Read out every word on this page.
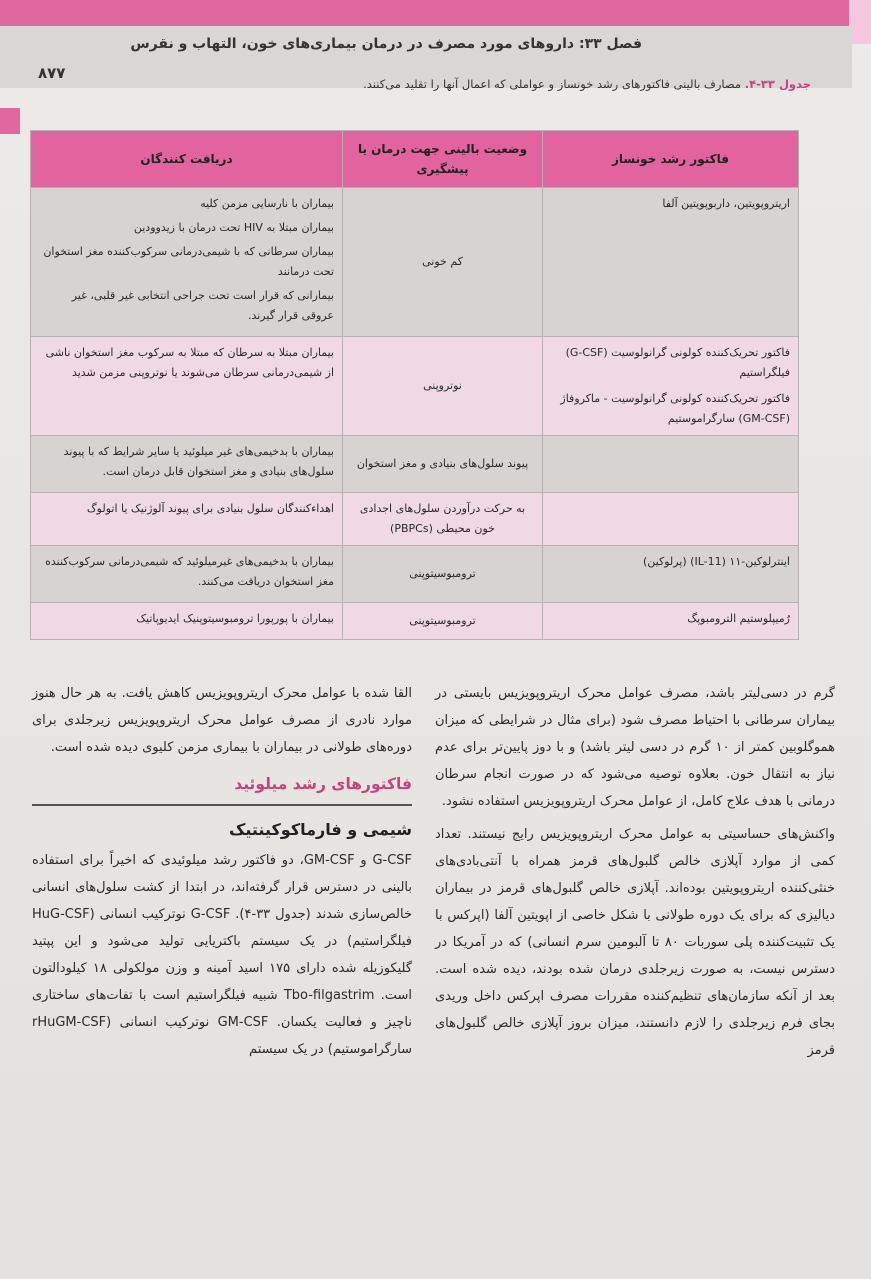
فصل ۳۳: داروهای مورد مصرف در درمان بیماری‌های خون، التهاب و نقرس
۸۷۷
جدول ۳۳-۴. مصارف بالینی فاکتورهای رشد خونساز و عواملی که اعمال آنها را تقلید می‌کنند.
فاکتور رشد خونساز	وضعیت بالینی جهت درمان یا پیشگیری	دریافت کنندگان

اریتروپویتین، داربوپویتین آلفا	کم خونی	بیماران با نارسایی مزمن کلیه
بیماران مبتلا به HIV تحت درمان با زیدوودین
بیماران سرطانی که با شیمی‌درمانی سرکوب‌کننده مغز استخوان تحت درمانند
بیمارانی که قرار است تحت جراحی انتخابی غیر قلبی، غیر عروقی قرار گیرند.

فاکتور تحریک‌کننده کولونی گرانولوسیت (G-CSF) فیلگراستیم
فاکتور تحریک‌کننده کولونی گرانولوسیت - ماکروفاژ (GM-CSF) سارگراموستیم	نوتروپنی	بیماران مبتلا به سرطان که مبتلا به سرکوب مغز استخوان ناشی از شیمی‌درمانی سرطان می‌شوند یا نوتروپنی مزمن شدید

	پیوند سلول‌های بنیادی و مغز استخوان	بیماران با بدخیمی‌های غیر میلوئید یا سایر شرایط که با پیوند سلول‌های بنیادی و مغز استخوان قابل درمان است.

	به حرکت درآوردن سلول‌های اجدادی خون محیطی (PBPCs)	اهداءکنندگان سلول بنیادی برای پیوند آلوژنیک یا اتولوگ

اینترلوکین-۱۱ (IL-11) (پرلوکین)	ترومبوسیتوپنی	بیماران با بدخیمی‌های غیرمیلوئید که شیمی‌درمانی سرکوب‌کننده مغز استخوان دریافت می‌کنند.

رُمیپلوستیم الترومبوپگ	ترومبوسیتوپنی	بیماران با پورپورا ترومبوسیتوپنیک ایدیوپاتیک

گرم در دسی‌لیتر باشد، مصرف عوامل محرک اریتروپویزیس بایستی در بیماران سرطانی با احتیاط مصرف شود (برای مثال در شرایطی که میزان هموگلوبین کمتر از ۱۰ گرم در دسی لیتر باشد) و با دوز پایین‌تر برای عدم نیاز به انتقال خون. بعلاوه توصیه می‌شود که در صورت انجام سرطان درمانی با هدف علاج کامل، از عوامل محرک اریتروپویزیس استفاده نشود.

واکنش‌های حساسیتی به عوامل محرک اریتروپویزیس رایج نیستند. تعداد کمی از موارد آپلازی خالص گلبول‌های قرمز همراه با آنتی‌بادی‌های خنثی‌کننده اریتروپویتین بوده‌اند. آپلازی خالص گلبول‌های قرمز در بیماران دیالیزی که برای یک دوره طولانی با شکل خاصی از اپویتین آلفا (اپرکس با یک تثبیت‌کننده پلی سوربات ۸۰ تا آلبومین سرم انسانی) که در آمریکا در دسترس نیست، به صورت زیرجلدی درمان شده بودند، دیده شده است. بعد از آنکه سازمان‌های تنظیم‌کننده مقررات مصرف اپرکس داخل وریدی بجای فرم زیرجلدی را لازم دانستند، میزان بروز آپلازی خالص گلبول‌های قرمز

القا شده با عوامل محرک اریتروپویزیس کاهش یافت. به هر حال هنوز موارد نادری از مصرف عوامل محرک اریتروپویزیس زیرجلدی برای دوره‌های طولانی در بیماران با بیماری مزمن کلیوی دیده شده است.

فاکتورهای رشد میلوئید
شیمی و فارماکوکینتیک

G-CSF و GM-CSF، دو فاکتور رشد میلوئیدی که اخیراً برای استفاده بالینی در دسترس قرار گرفته‌اند، در ابتدا از کشت سلول‌های انسانی خالص‌سازی شدند (جدول ۳۳-۴). G-CSF نوترکیب انسانی (HuG-CSF فیلگراستیم) در یک سیستم باکتریایی تولید می‌شود و این پپتید گلیکوزیله شده دارای ۱۷۵ اسید آمینه و وزن مولکولی ۱۸ کیلودالتون است. Tbo-filgastrim شبیه فیلگراستیم است با تفات‌های ساختاری ناچیز و فعالیت یکسان. GM-CSF نوترکیب انسانی (rHuGM-CSF سارگراموستیم) در یک سیستم
